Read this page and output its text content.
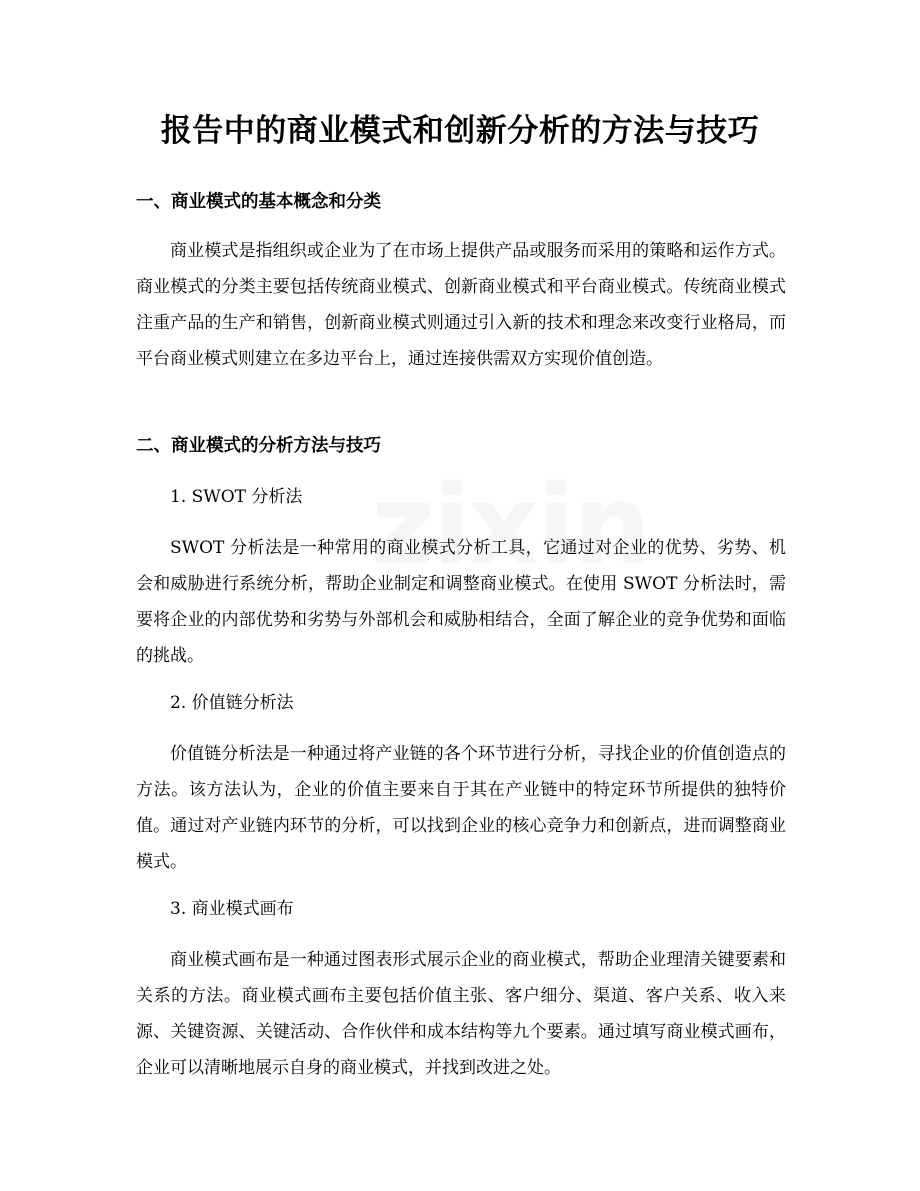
报告中的商业模式和创新分析的方法与技巧
一、商业模式的基本概念和分类

商业模式是指组织或企业为了在市场上提供产品或服务而采用的策略和运作方式。商业模式的分类主要包括传统商业模式、创新商业模式和平台商业模式。传统商业模式注重产品的生产和销售，创新商业模式则通过引入新的技术和理念来改变行业格局，而平台商业模式则建立在多边平台上，通过连接供需双方实现价值创造。

二、商业模式的分析方法与技巧

1. SWOT 分析法

SWOT 分析法是一种常用的商业模式分析工具，它通过对企业的优势、劣势、机会和威胁进行系统分析，帮助企业制定和调整商业模式。在使用 SWOT 分析法时，需要将企业的内部优势和劣势与外部机会和威胁相结合，全面了解企业的竞争优势和面临的挑战。

2. 价值链分析法

价值链分析法是一种通过将产业链的各个环节进行分析，寻找企业的价值创造点的方法。该方法认为，企业的价值主要来自于其在产业链中的特定环节所提供的独特价值。通过对产业链内环节的分析，可以找到企业的核心竞争力和创新点，进而调整商业模式。

3. 商业模式画布

商业模式画布是一种通过图表形式展示企业的商业模式，帮助企业理清关键要素和关系的方法。商业模式画布主要包括价值主张、客户细分、渠道、客户关系、收入来源、关键资源、关键活动、合作伙伴和成本结构等九个要素。通过填写商业模式画布，企业可以清晰地展示自身的商业模式，并找到改进之处。
